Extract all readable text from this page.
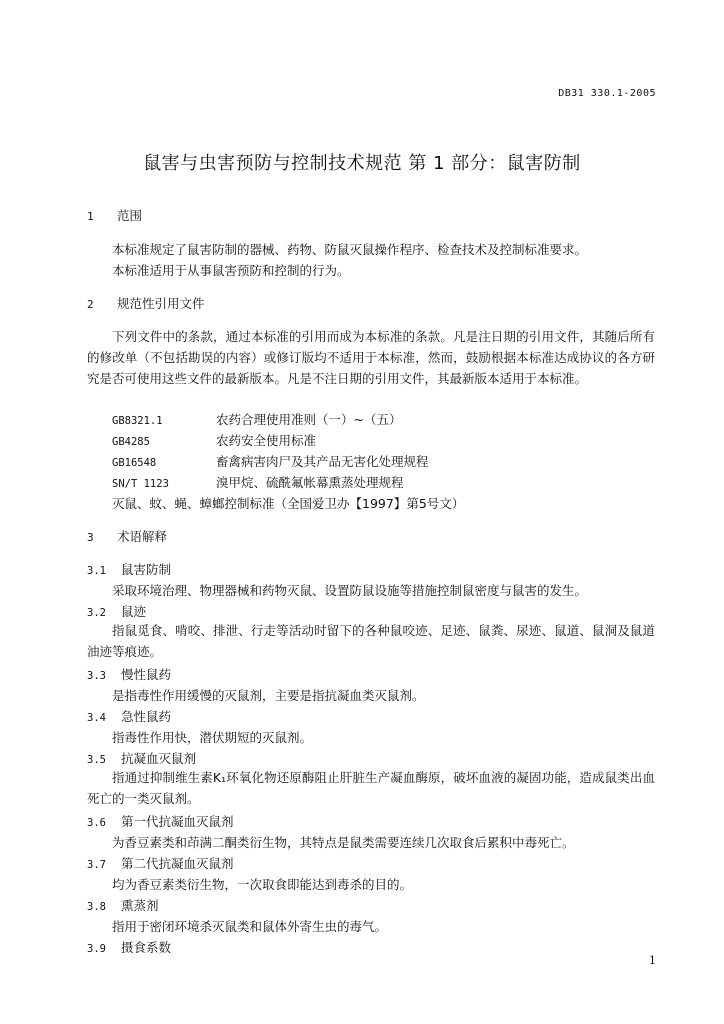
DB31 330.1-2005
鼠害与虫害预防与控制技术规范 第 1 部分：鼠害防制
1 范围
本标准规定了鼠害防制的器械、药物、防鼠灭鼠操作程序、检查技术及控制标准要求。
本标准适用于从事鼠害预防和控制的行为。
2 规范性引用文件
下列文件中的条款，通过本标准的引用而成为本标准的条款。凡是注日期的引用文件，其随后所有的修改单（不包括勘误的内容）或修订版均不适用于本标准，然而，鼓励根据本标准达成协议的各方研究是否可使用这些文件的最新版本。凡是不注日期的引用文件，其最新版本适用于本标准。
GB8321.1	农药合理使用准则（一）~（五）
GB4285	农药安全使用标准
GB16548	畜禽病害肉尸及其产品无害化处理规程
SN/T 1123	溴甲烷、硫酰氟帐幕熏蒸处理规程
灭鼠、蚊、蝇、蟑螂控制标准（全国爱卫办【1997】第5号文）
3 术语解释
3.1 鼠害防制
采取环境治理、物理器械和药物灭鼠、设置防鼠设施等措施控制鼠密度与鼠害的发生。
3.2 鼠迹
指鼠觅食、啃咬、排泄、行走等活动时留下的各种鼠咬迹、足迹、鼠粪、尿迹、鼠道、鼠洞及鼠道油迹等痕迹。
3.3 慢性鼠药
是指毒性作用缓慢的灭鼠剂，主要是指抗凝血类灭鼠剂。
3.4 急性鼠药
指毒性作用快，潜伏期短的灭鼠剂。
3.5 抗凝血灭鼠剂
指通过抑制维生素K₁环氧化物还原酶阻止肝脏生产凝血酶原，破坏血液的凝固功能，造成鼠类出血死亡的一类灭鼠剂。
3.6 第一代抗凝血灭鼠剂
为香豆素类和茚满二酮类衍生物，其特点是鼠类需要连续几次取食后累积中毒死亡。
3.7 第二代抗凝血灭鼠剂
均为香豆素类衍生物，一次取食即能达到毒杀的目的。
3.8 熏蒸剂
指用于密闭环境杀灭鼠类和鼠体外寄生虫的毒气。
3.9 摄食系数
1
